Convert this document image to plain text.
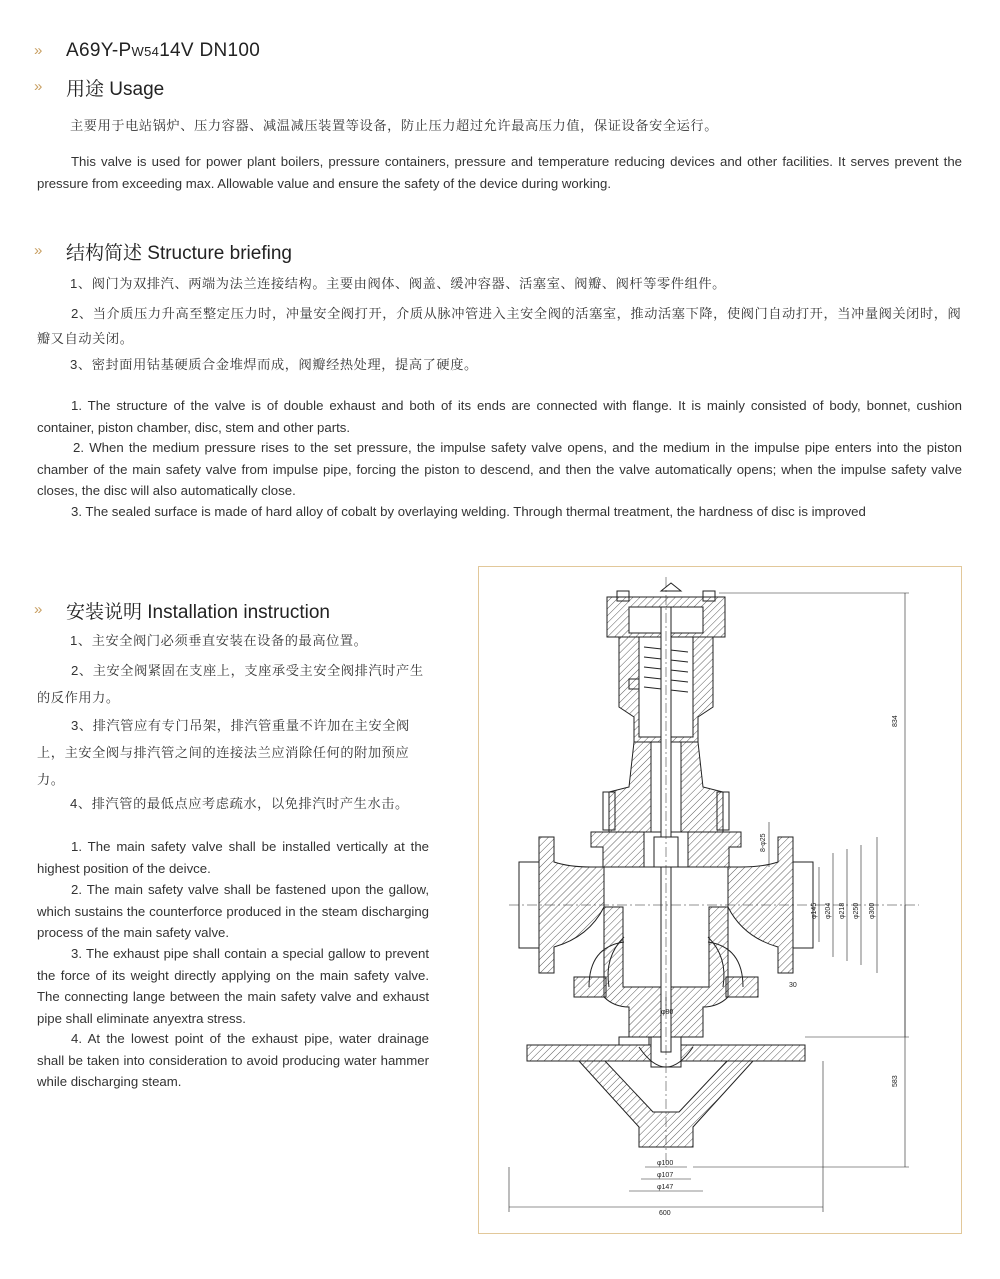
» A69Y-PW5414V DN100
» 用途 Usage
主要用于电站锅炉、压力容器、减温减压装置等设备，防止压力超过允许最高压力值，保证设备安全运行。
This valve is used for power plant boilers, pressure containers, pressure and temperature reducing devices and other facilities. It serves prevent the pressure from exceeding max. Allowable value and ensure the safety of the device during working.
» 结构简述 Structure briefing
1、阀门为双排汽、两端为法兰连接结构。主要由阀体、阀盖、缓冲容器、活塞室、阀瓣、阀杆等零件组件。
2、当介质压力升高至整定压力时，冲量安全阀打开，介质从脉冲管进入主安全阀的活塞室，推动活塞下降，使阀门自动打开，当冲量阀关闭时，阀瓣又自动关闭。
3、密封面用钴基硬质合金堆焊而成，阀瓣经热处理，提高了硬度。
1. The structure of the valve is of double exhaust and both of its ends are connected with flange. It is mainly consisted of body, bonnet, cushion container, piston chamber, disc, stem and other parts.
2. When the medium pressure rises to the set pressure, the impulse safety valve opens, and the medium in the impulse pipe enters into the piston chamber of the main safety valve from impulse pipe, forcing the piston to descend, and then the valve automatically opens; when the impulse safety valve closes, the disc will also automatically close.
3. The sealed surface is made of hard alloy of cobalt by overlaying welding. Through thermal treatment, the hardness of disc is improved
» 安装说明 Installation instruction
1、主安全阀门必须垂直安装在设备的最高位置。
2、主安全阀紧固在支座上，支座承受主安全阀排汽时产生的反作用力。
3、排汽管应有专门吊架，排汽管重量不许加在主安全阀上，主安全阀与排汽管之间的连接法兰应消除任何的附加预应力。
4、排汽管的最低点应考虑疏水，以免排汽时产生水击。
1. The main safety valve shall be installed vertically at the highest position of the deivce.
2. The main safety valve shall be fastened upon the gallow, which sustains the counterforce produced in the steam discharging process of the main safety valve.
3. The exhaust pipe shall contain a special gallow to prevent the force of its weight directly applying on the main safety valve. The connecting lange between the main safety valve and exhaust pipe shall eliminate anyextra stress.
4. At the lowest point of the exhaust pipe, water drainage shall be taken into consideration to avoid producing water hammer while discharging steam.
834
583
8-φ25
φ145 φ204 φ218 φ250 φ300
30
φ80
φ100
φ107
φ147
600
